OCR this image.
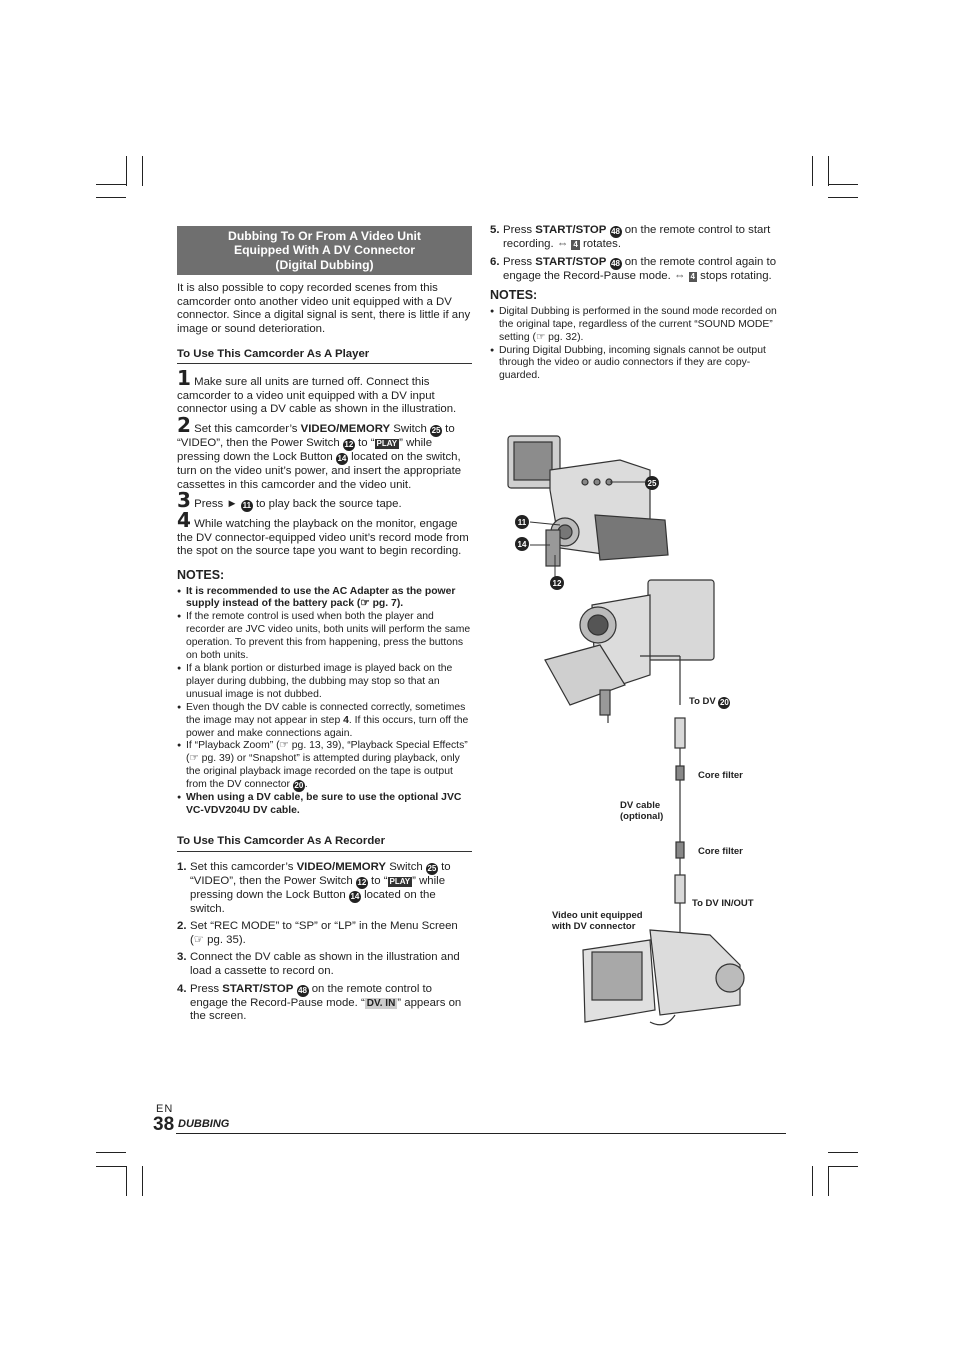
Dubbing To Or From A Video Unit
Equipped With A DV Connector
(Digital Dubbing)

It is also possible to copy recorded scenes from this camcorder onto another video unit equipped with a DV connector. Since a digital signal is sent, there is little if any image or sound deterioration.

To Use This Camcorder As A Player

1 Make sure all units are turned off. Connect this camcorder to a video unit equipped with a DV input connector using a DV cable as shown in the illustration.

2 Set this camcorder’s VIDEO/MEMORY Switch 25 to “VIDEO”, then the Power Switch 12 to “ PLAY ” while pressing down the Lock Button 14 located on the switch, turn on the video unit’s power, and insert the appropriate cassettes in this camcorder and the video unit.

3 Press ► 11 to play back the source tape.

4 While watching the playback on the monitor, engage the DV connector-equipped video unit’s record mode from the spot on the source tape you want to begin recording.

NOTES:
● It is recommended to use the AC Adapter as the power supply instead of the battery pack (☞ pg. 7).
● If the remote control is used when both the player and recorder are JVC video units, both units will perform the same operation. To prevent this from happening, press the buttons on both units.
● If a blank portion or disturbed image is played back on the player during dubbing, the dubbing may stop so that an unusual image is not dubbed.
● Even though the DV cable is connected correctly, sometimes the image may not appear in step 4. If this occurs, turn off the power and make connections again.
● If “Playback Zoom” (☞ pg. 13, 39), “Playback Special Effects” (☞ pg. 39) or “Snapshot” is attempted during playback, only the original playback image recorded on the tape is output from the DV connector 20 .
● When using a DV cable, be sure to use the optional JVC VC-VDV204U DV cable.
To Use This Camcorder As A Recorder
1. Set this camcorder’s VIDEO/MEMORY Switch 25 to “VIDEO”, then the Power Switch 12 to “ PLAY ” while pressing down the Lock Button 14 located on the switch.
2. Set “REC MODE” to “SP” or “LP” in the Menu Screen (☞ pg. 35).
3. Connect the DV cable as shown in the illustration and load a cassette to record on.
4. Press START/STOP 48 on the remote control to engage the Record-Pause mode. “ DV. IN ” appears on the screen.
5. Press START/STOP 48 on the remote control to start recording. ⇔ 4 rotates.
6. Press START/STOP 48 on the remote control again to engage the Record-Pause mode. ⇔ 4 stops rotating.
NOTES:
● Digital Dubbing is performed in the sound mode recorded on the original tape, regardless of the current “SOUND MODE” setting (☞ pg. 32).
● During Digital Dubbing, incoming signals cannot be output through the video or audio connectors if they are copy-guarded.
25
11
14
12
To DV 20
Core filter
DV cable
(optional)
Core filter
To DV IN/OUT
Video unit equipped
with DV connector
EN
38 DUBBING
